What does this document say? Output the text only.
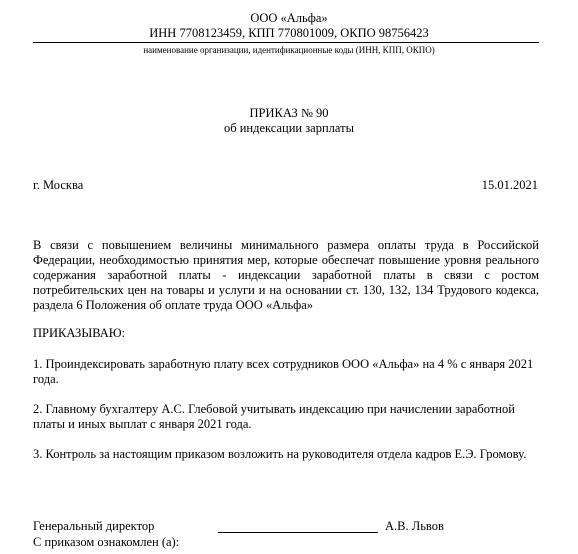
ООО «Альфа»
ИНН 7708123459, КПП 770801009, ОКПО 98756423
наименование организации, идентификационные коды (ИНН, КПП, ОКПО)
ПРИКАЗ № 90
об индексации зарплаты
г. Москва	15.01.2021
В связи с повышением величины минимального размера оплаты труда в Российской Федерации, необходимостью принятия мер, которые обеспечат повышение уровня реального содержания заработной платы - индексации заработной платы в связи с ростом потребительских цен на товары и услуги и на основании ст. 130, 132, 134 Трудового кодекса, раздела 6 Положения об оплате труда ООО «Альфа»
ПРИКАЗЫВАЮ:
1. Проиндексировать заработную плату всех сотрудников ООО «Альфа» на 4 % с января 2021 года.
2. Главному бухгалтеру А.С. Глебовой учитывать индексацию при начислении заработной платы и иных выплат с января 2021 года.
3. Контроль за настоящим приказом возложить на руководителя отдела кадров Е.Э. Громову.
Генеральный директор	А.В. Львов
С приказом ознакомлен (а):
